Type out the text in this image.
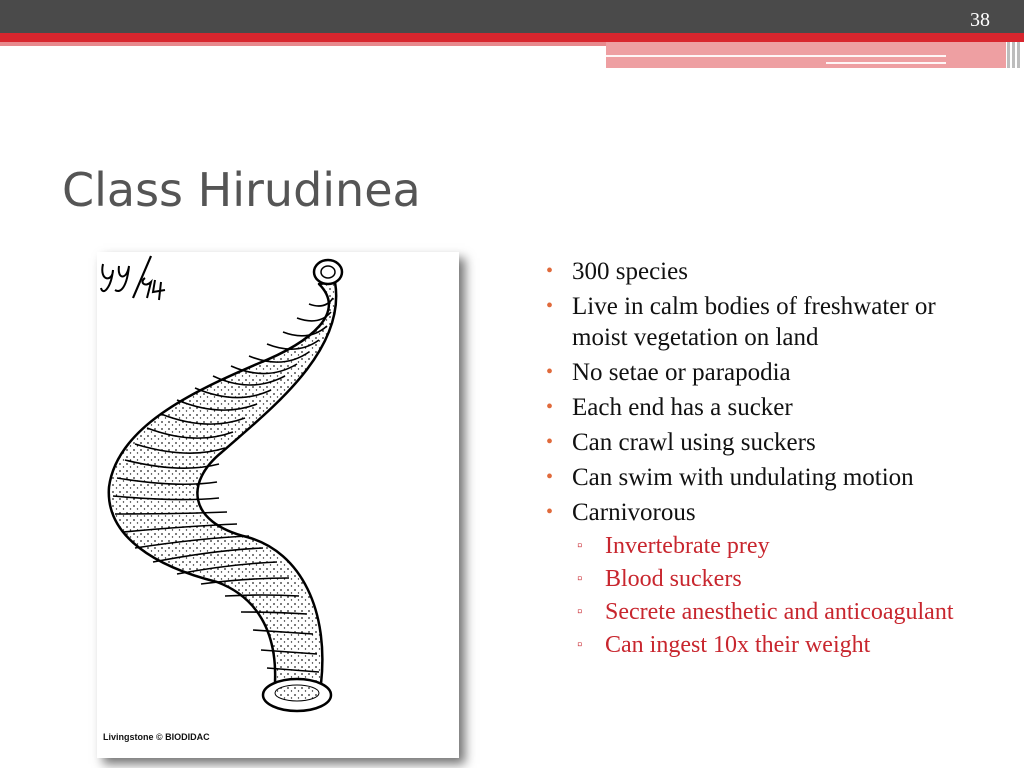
38
Class Hirudinea
Livingstone © BIODIDAC
• 300 species
• Live in calm bodies of freshwater or moist vegetation on land
• No setae or parapodia
• Each end has a sucker
• Can crawl using suckers
• Can swim with undulating motion
• Carnivorous
▫ Invertebrate prey
▫ Blood suckers
▫ Secrete anesthetic and anticoagulant
▫ Can ingest 10x their weight
